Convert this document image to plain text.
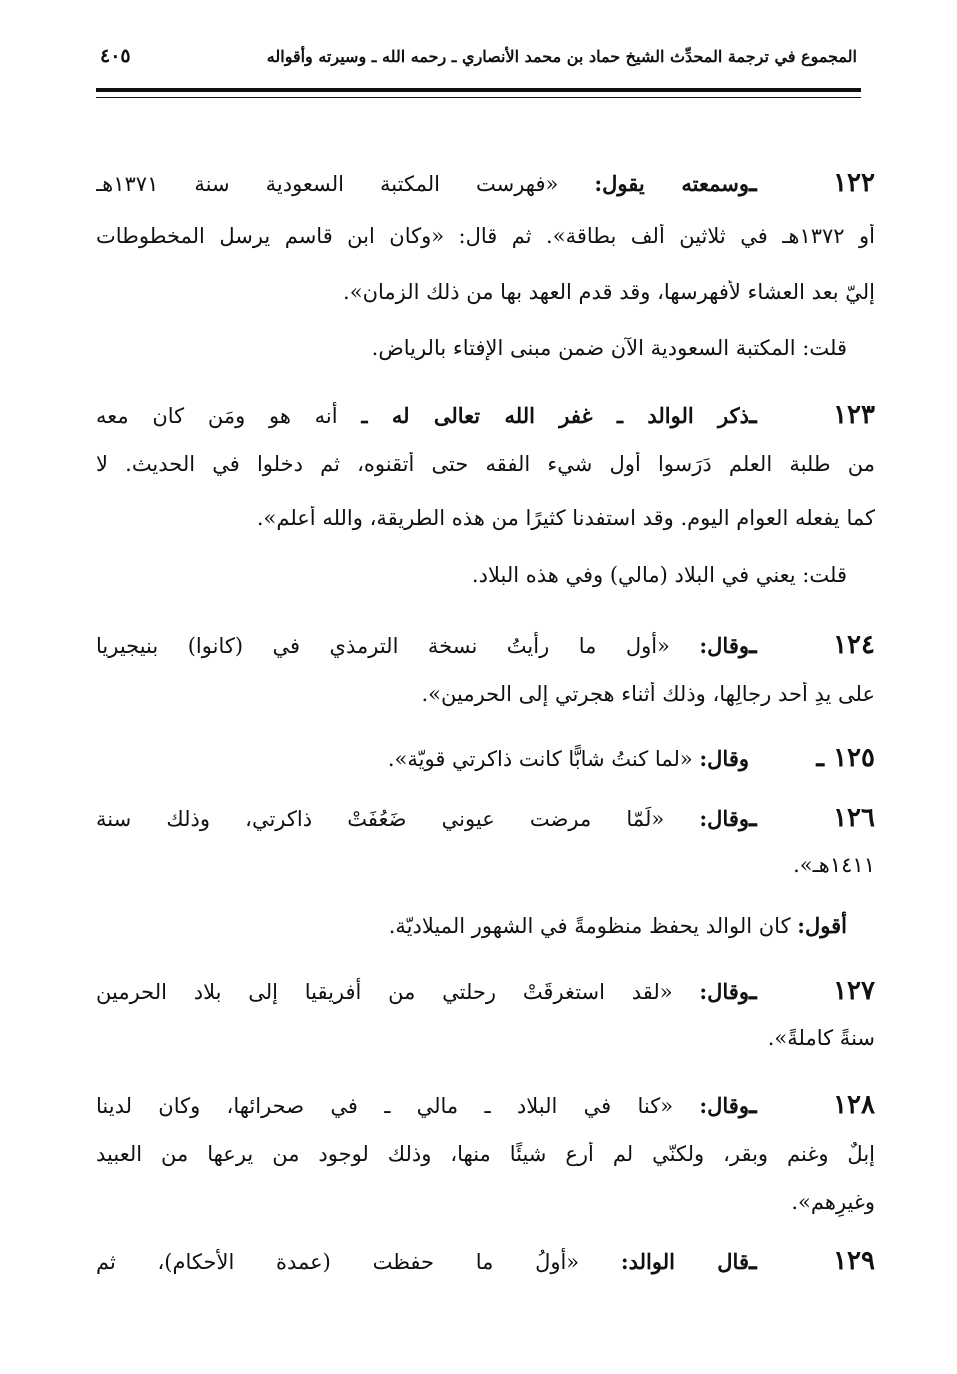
المجموع في ترجمة المحدِّث الشيخ حماد بن محمد الأنصاري ـ رحمه الله ـ وسيرته وأقواله
٤٠٥
١٢٢ ـوسمعته يقول: «فهرست المكتبة السعودية سنة ١٣٧١هـ
أو ١٣٧٢هـ في ثلاثين ألف بطاقة». ثم قال: «وكان ابن قاسم يرسل المخطوطات
إليّ بعد العشاء لأفهرسها، وقد قدم العهد بها من ذلك الزمان».
قلت: المكتبة السعودية الآن ضمن مبنى الإفتاء بالرياض.
١٢٣ ـذكر الوالد ـ غفر الله تعالى له ـ أنه هو ومَن كان معه
من طلبة العلم دَرَسوا أول شيء الفقه حتى أتقنوه، ثم دخلوا في الحديث. لا
كما يفعله العوام اليوم. وقد استفدنا كثيرًا من هذه الطريقة، والله أعلم».
قلت: يعني في البلاد (مالي) وفي هذه البلاد.
١٢٤ ـوقال: «أول ما رأيتُ نسخة الترمذي في (كانوا) بنيجيريا
على يدِ أحد رجالِها، وذلك أثناء هجرتي إلى الحرمين».
١٢٥ ـوقال: «لما كنتُ شابًّا كانت ذاكرتي قويّة».
١٢٦ ـوقال: «لَمّا مرضت عيوني ضَعُفَتْ ذاكرتي، وذلك سنة
١٤١١هـ».
أقول: كان الوالد يحفظ منظومةً في الشهور الميلاديّة.
١٢٧ ـوقال: «لقد استغرقَتْ رحلتي من أفريقيا إلى بلاد الحرمين
سنةً كاملةً».
١٢٨ ـوقال: «كنا في البلاد ـ مالي ـ في صحرائها، وكان لدينا
إبلٌ وغنم وبقر، ولكنّي لم أرع شيئًا منها، وذلك لوجود من يرعها من العبيد
وغيرِهم».
١٢٩ ـقال الوالد: «أولُ ما حفظت (عمدة الأحكام)، ثم
